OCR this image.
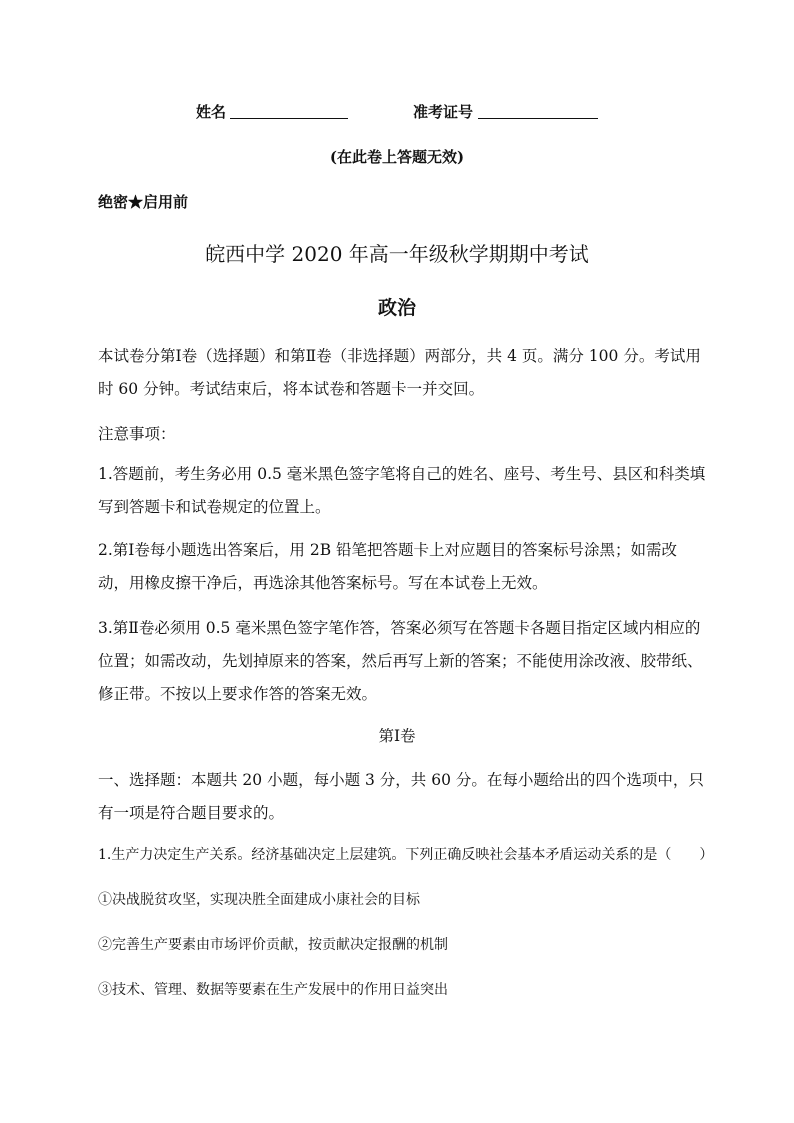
姓名	准考证号
(在此卷上答题无效)
绝密★启用前
皖西中学 2020 年高一年级秋学期期中考试
政治
本试卷分第Ⅰ卷（选择题）和第Ⅱ卷（非选择题）两部分，共 4 页。满分 100 分。考试用时 60 分钟。考试结束后，将本试卷和答题卡一并交回。
注意事项：
1.答题前，考生务必用 0.5 毫米黑色签字笔将自己的姓名、座号、考生号、县区和科类填写到答题卡和试卷规定的位置上。
2.第Ⅰ卷每小题选出答案后，用 2B 铅笔把答题卡上对应题目的答案标号涂黑；如需改动，用橡皮擦干净后，再选涂其他答案标号。写在本试卷上无效。
3.第Ⅱ卷必须用 0.5 毫米黑色签字笔作答，答案必须写在答题卡各题目指定区域内相应的位置；如需改动，先划掉原来的答案，然后再写上新的答案；不能使用涂改液、胶带纸、修正带。不按以上要求作答的答案无效。
第Ⅰ卷
一、选择题：本题共 20 小题，每小题 3 分，共 60 分。在每小题给出的四个选项中，只有一项是符合题目要求的。
1.生产力决定生产关系。经济基础决定上层建筑。下列正确反映社会基本矛盾运动关系的是（　　）
①决战脱贫攻坚，实现决胜全面建成小康社会的目标
②完善生产要素由市场评价贡献，按贡献决定报酬的机制
③技术、管理、数据等要素在生产发展中的作用日益突出
